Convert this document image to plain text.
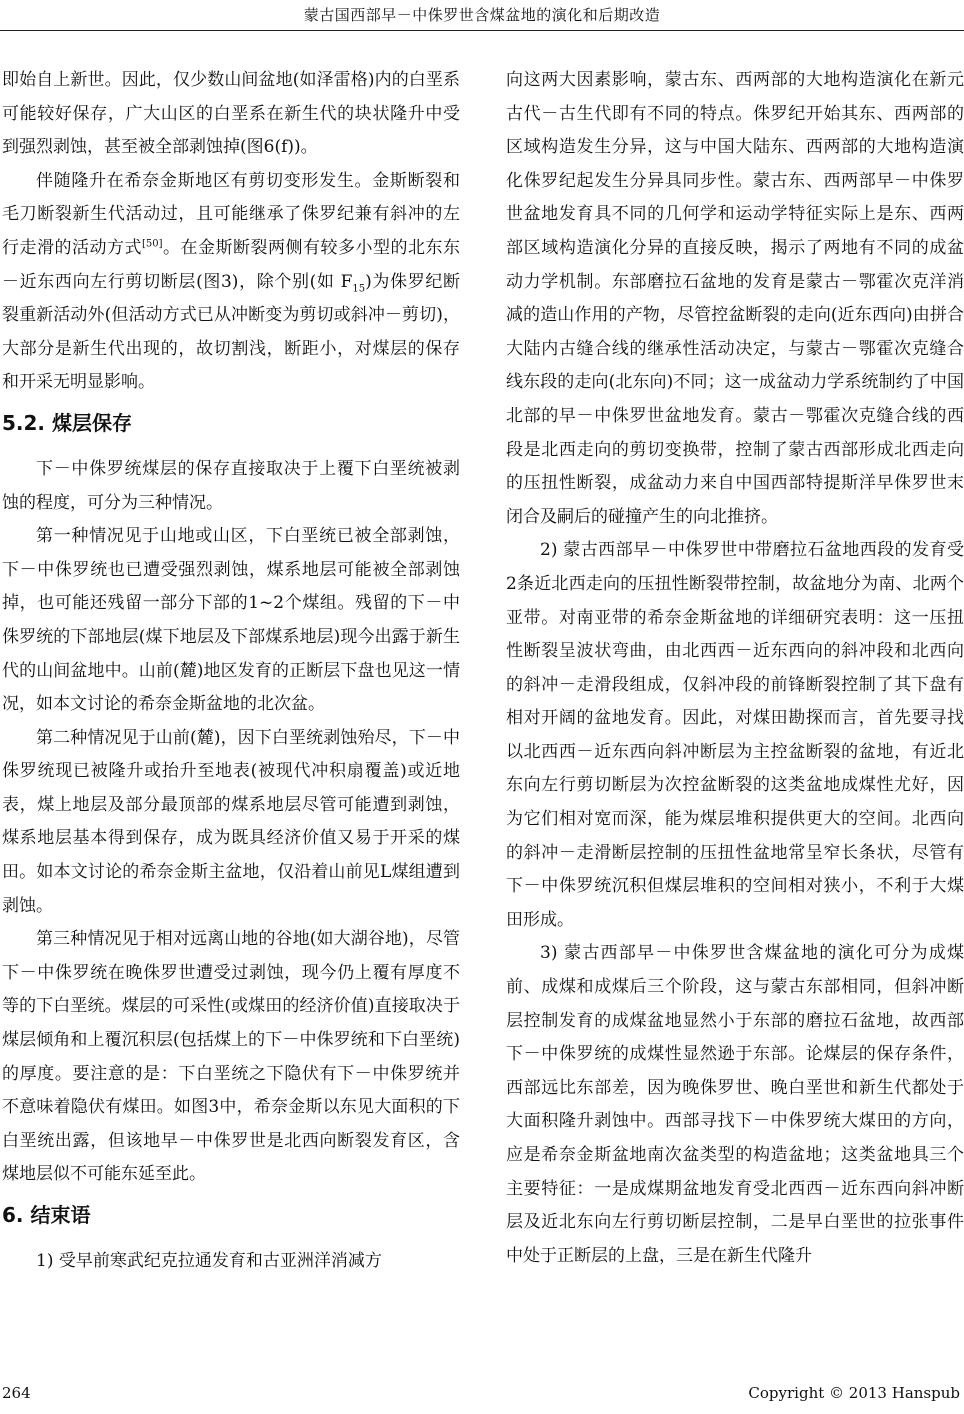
蒙古国西部早－中侏罗世含煤盆地的演化和后期改造

即始自上新世。因此，仅少数山间盆地(如泽雷格)内的白垩系可能较好保存，广大山区的白垩系在新生代的块状隆升中受到强烈剥蚀，甚至被全部剥蚀掉(图6(f))。

伴随隆升在希奈金斯地区有剪切变形发生。金斯断裂和毛刀断裂新生代活动过，且可能继承了侏罗纪兼有斜冲的左行走滑的活动方式[50]。在金斯断裂两侧有较多小型的北东东－近东西向左行剪切断层(图3)，除个别(如 $F_{15}$)为侏罗纪断裂重新活动外(但活动方式已从冲断变为剪切或斜冲－剪切)，大部分是新生代出现的，故切割浅，断距小，对煤层的保存和开采无明显影响。

5.2. 煤层保存

下－中侏罗统煤层的保存直接取决于上覆下白垩统被剥蚀的程度，可分为三种情况。

第一种情况见于山地或山区，下白垩统已被全部剥蚀，下－中侏罗统也已遭受强烈剥蚀，煤系地层可能被全部剥蚀掉，也可能还残留一部分下部的1~2个煤组。残留的下－中侏罗统的下部地层(煤下地层及下部煤系地层)现今出露于新生代的山间盆地中。山前(麓)地区发育的正断层下盘也见这一情况，如本文讨论的希奈金斯盆地的北次盆。

第二种情况见于山前(麓)，因下白垩统剥蚀殆尽，下－中侏罗统现已被隆升或抬升至地表(被现代冲积扇覆盖)或近地表，煤上地层及部分最顶部的煤系地层尽管可能遭到剥蚀，煤系地层基本得到保存，成为既具经济价值又易于开采的煤田。如本文讨论的希奈金斯主盆地，仅沿着山前见L煤组遭到剥蚀。

第三种情况见于相对远离山地的谷地(如大湖谷地)，尽管下－中侏罗统在晚侏罗世遭受过剥蚀，现今仍上覆有厚度不等的下白垩统。煤层的可采性(或煤田的经济价值)直接取决于煤层倾角和上覆沉积层(包括煤上的下－中侏罗统和下白垩统)的厚度。要注意的是：下白垩统之下隐伏有下－中侏罗统并不意味着隐伏有煤田。如图3中，希奈金斯以东见大面积的下白垩统出露，但该地早－中侏罗世是北西向断裂发育区，含煤地层似不可能东延至此。

6. 结束语

1) 受早前寒武纪克拉通发育和古亚洲洋消减方

向这两大因素影响，蒙古东、西两部的大地构造演化在新元古代－古生代即有不同的特点。侏罗纪开始其东、西两部的区域构造发生分异，这与中国大陆东、西两部的大地构造演化侏罗纪起发生分异具同步性。蒙古东、西两部早－中侏罗世盆地发育具不同的几何学和运动学特征实际上是东、西两部区域构造演化分异的直接反映，揭示了两地有不同的成盆动力学机制。东部磨拉石盆地的发育是蒙古－鄂霍次克洋消减的造山作用的产物，尽管控盆断裂的走向(近东西向)由拼合大陆内古缝合线的继承性活动决定，与蒙古－鄂霍次克缝合线东段的走向(北东向)不同；这一成盆动力学系统制约了中国北部的早－中侏罗世盆地发育。蒙古－鄂霍次克缝合线的西段是北西走向的剪切变换带，控制了蒙古西部形成北西走向的压扭性断裂，成盆动力来自中国西部特提斯洋早侏罗世末闭合及嗣后的碰撞产生的向北推挤。

2) 蒙古西部早－中侏罗世中带磨拉石盆地西段的发育受2条近北西走向的压扭性断裂带控制，故盆地分为南、北两个亚带。对南亚带的希奈金斯盆地的详细研究表明：这一压扭性断裂呈波状弯曲，由北西西－近东西向的斜冲段和北西向的斜冲－走滑段组成，仅斜冲段的前锋断裂控制了其下盘有相对开阔的盆地发育。因此，对煤田勘探而言，首先要寻找以北西西－近东西向斜冲断层为主控盆断裂的盆地，有近北东向左行剪切断层为次控盆断裂的这类盆地成煤性尤好，因为它们相对宽而深，能为煤层堆积提供更大的空间。北西向的斜冲－走滑断层控制的压扭性盆地常呈窄长条状，尽管有下－中侏罗统沉积但煤层堆积的空间相对狭小，不利于大煤田形成。

3) 蒙古西部早－中侏罗世含煤盆地的演化可分为成煤前、成煤和成煤后三个阶段，这与蒙古东部相同，但斜冲断层控制发育的成煤盆地显然小于东部的磨拉石盆地，故西部下－中侏罗统的成煤性显然逊于东部。论煤层的保存条件，西部远比东部差，因为晚侏罗世、晚白垩世和新生代都处于大面积隆升剥蚀中。西部寻找下－中侏罗统大煤田的方向，应是希奈金斯盆地南次盆类型的构造盆地；这类盆地具三个主要特征：一是成煤期盆地发育受北西西－近东西向斜冲断层及近北东向左行剪切断层控制，二是早白垩世的拉张事件中处于正断层的上盘，三是在新生代隆升

264	Copyright © 2013 Hanspub
